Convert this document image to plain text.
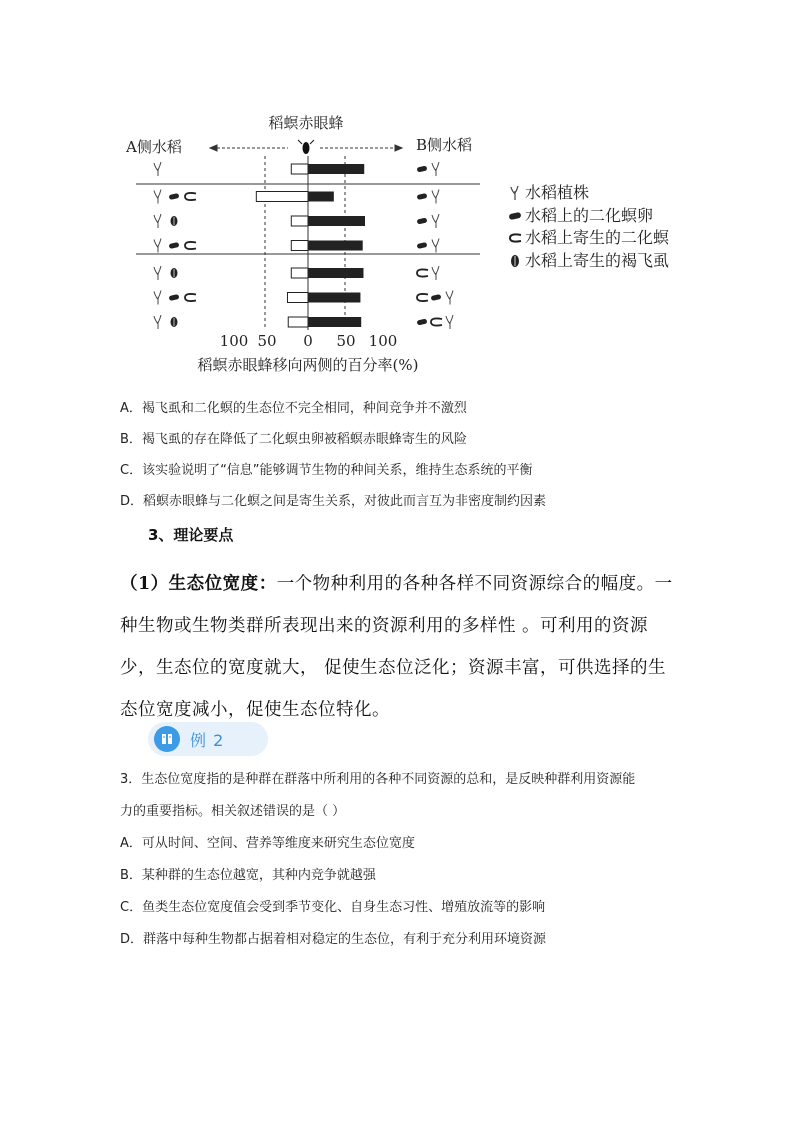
稻螟赤眼蜂
A侧水稻	B侧水稻
100 50 0 50 100
稻螟赤眼蜂移向两侧的百分率(%)
水稻植株
水稻上的二化螟卵
水稻上寄生的二化螟
水稻上寄生的褐飞虱
A．褐飞虱和二化螟的生态位不完全相同，种间竞争并不激烈
B．褐飞虱的存在降低了二化螟虫卵被稻螟赤眼蜂寄生的风险
C．该实验说明了“信息”能够调节生物的种间关系，维持生态系统的平衡
D．稻螟赤眼蜂与二化螟之间是寄生关系，对彼此而言互为非密度制约因素
3、理论要点
（1）生态位宽度：一个物种利用的各种各样不同资源综合的幅度。一种生物或生物类群所表现出来的资源利用的多样性 。可利用的资源少，生态位的宽度就大， 促使生态位泛化；资源丰富，可供选择的生态位宽度减小，促使生态位特化。
例 2
3．生态位宽度指的是种群在群落中所利用的各种不同资源的总和，是反映种群利用资源能
力的重要指标。相关叙述错误的是（ ）
A．可从时间、空间、营养等维度来研究生态位宽度
B．某种群的生态位越宽，其种内竞争就越强
C．鱼类生态位宽度值会受到季节变化、自身生态习性、增殖放流等的影响
D．群落中每种生物都占据着相对稳定的生态位，有利于充分利用环境资源
